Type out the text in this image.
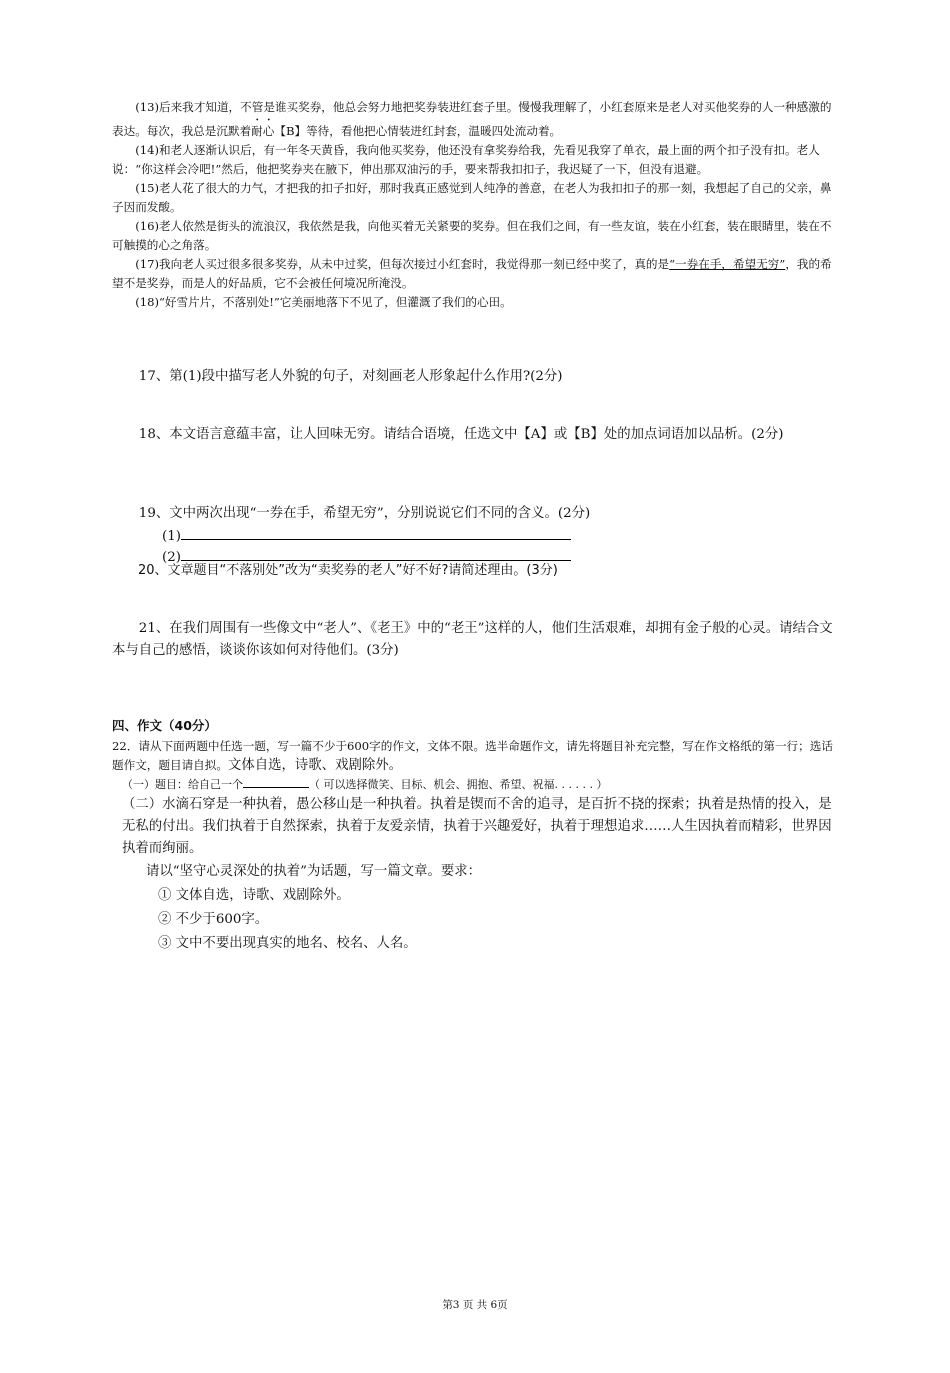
(13)后来我才知道，不管是谁买奖券，他总会努力地把奖券装进红套子里。慢慢我理解了，小红套原来是老人对买他奖券的人一种感激的表达。每次，我总是沉默着耐心【B】等待，看他把心情装进红封套，温暖四处流动着。

(14)和老人逐渐认识后，有一年冬天黄昏，我向他买奖券，他还没有拿奖券给我，先看见我穿了单衣，最上面的两个扣子没有扣。老人说：“你这样会冷吧!”然后，他把奖券夹在腋下，伸出那双油污的手，要来帮我扣扣子，我迟疑了一下，但没有退避。

(15)老人花了很大的力气，才把我的扣子扣好，那时我真正感觉到人纯净的善意，在老人为我扣扣子的那一刻，我想起了自己的父亲，鼻子因而发酸。

(16)老人依然是街头的流浪汉，我依然是我，向他买着无关紧要的奖券。但在我们之间，有一些友谊，装在小红套，装在眼睛里，装在不可触摸的心之角落。

(17)我向老人买过很多很多奖券，从未中过奖，但每次接过小红套时，我觉得那一刻已经中奖了，真的是“一券在手，希望无穷”，我的希望不是奖券，而是人的好品质，它不会被任何境况所淹没。

(18)“好雪片片，不落别处!”它美丽地落下不见了，但灌溉了我们的心田。

17、第(1)段中描写老人外貌的句子，对刻画老人形象起什么作用?(2分)

18、本文语言意蕴丰富，让人回味无穷。请结合语境，任选文中【A】或【B】处的加点词语加以品析。(2分)

19、文中两次出现“一券在手，希望无穷”，分别说说它们不同的含义。(2分)

(1)
(2)

20、文章题目“不落别处”改为“卖奖券的老人”好不好?请简述理由。(3分)

21、在我们周围有一些像文中“老人”、《老王》中的“老王”这样的人，他们生活艰难，却拥有金子般的心灵。请结合文本与自己的感悟，谈谈你该如何对待他们。(3分)

四、作文（40分）
22．请从下面两题中任选一题，写一篇不少于600字的作文，文体不限。选半命题作文，请先将题目补充完整，写在作文格纸的第一行；选话题作文，题目请自拟。文体自选，诗歌、戏剧除外。
（一）题目：给自己一个	（ 可以选择微笑、目标、机会、拥抱、希望、祝福. . . . . . ）
（二）水滴石穿是一种执着，愚公移山是一种执着。执着是锲而不舍的追寻，是百折不挠的探索；执着是热情的投入，是无私的付出。我们执着于自然探索，执着于友爱亲情，执着于兴趣爱好，执着于理想追求……人生因执着而精彩，世界因执着而绚丽。
请以“坚守心灵深处的执着”为话题，写一篇文章。要求：
① 文体自选，诗歌、戏剧除外。
② 不少于600字。
③ 文中不要出现真实的地名、校名、人名。
第3 页 共 6页
